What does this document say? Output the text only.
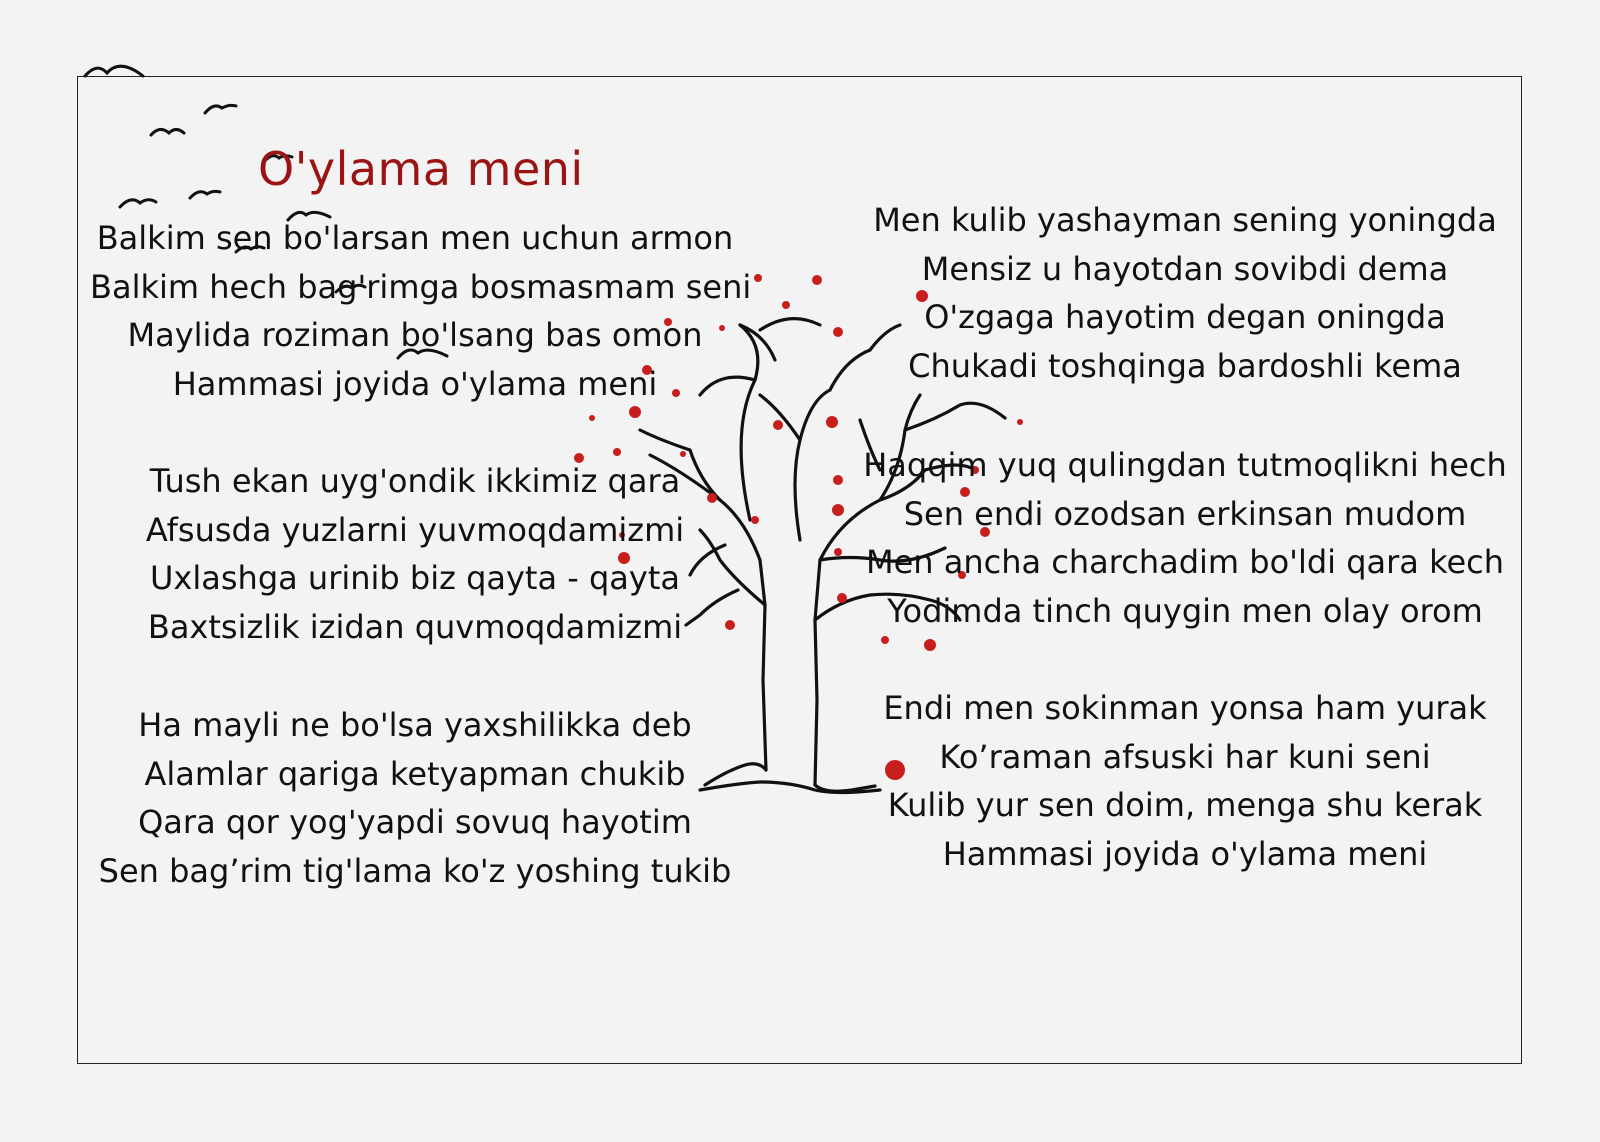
O'ylama meni
Balkim sen bo'larsan men uchun armon
Balkim hech bag'rimga bosmasmam seni
Maylida roziman bo'lsang bas omon
Hammasi joyida o'ylama meni
Tush ekan uyg'ondik ikkimiz qara
Afsusda yuzlarni yuvmoqdamizmi
Uxlashga urinib biz qayta - qayta
Baxtsizlik izidan quvmoqdamizmi
Ha mayli ne bo'lsa yaxshilikka deb
Alamlar qariga ketyapman chukib
Qara qor yog'yapdi sovuq hayotim
Sen bag’rim tig'lama ko'z yoshing tukib
Men kulib yashayman sening yoningda
Mensiz u hayotdan sovibdi dema
O'zgaga hayotim degan oningda
Chukadi toshqinga bardoshli kema
Haqqim yuq qulingdan tutmoqlikni hech
Sen endi ozodsan erkinsan mudom
Men ancha charchadim bo'ldi qara kech
Yodimda tinch quygin men olay orom
Endi men sokinman yonsa ham yurak
Ko’raman afsuski har kuni seni
Kulib yur sen doim, menga shu kerak
Hammasi joyida o'ylama meni
